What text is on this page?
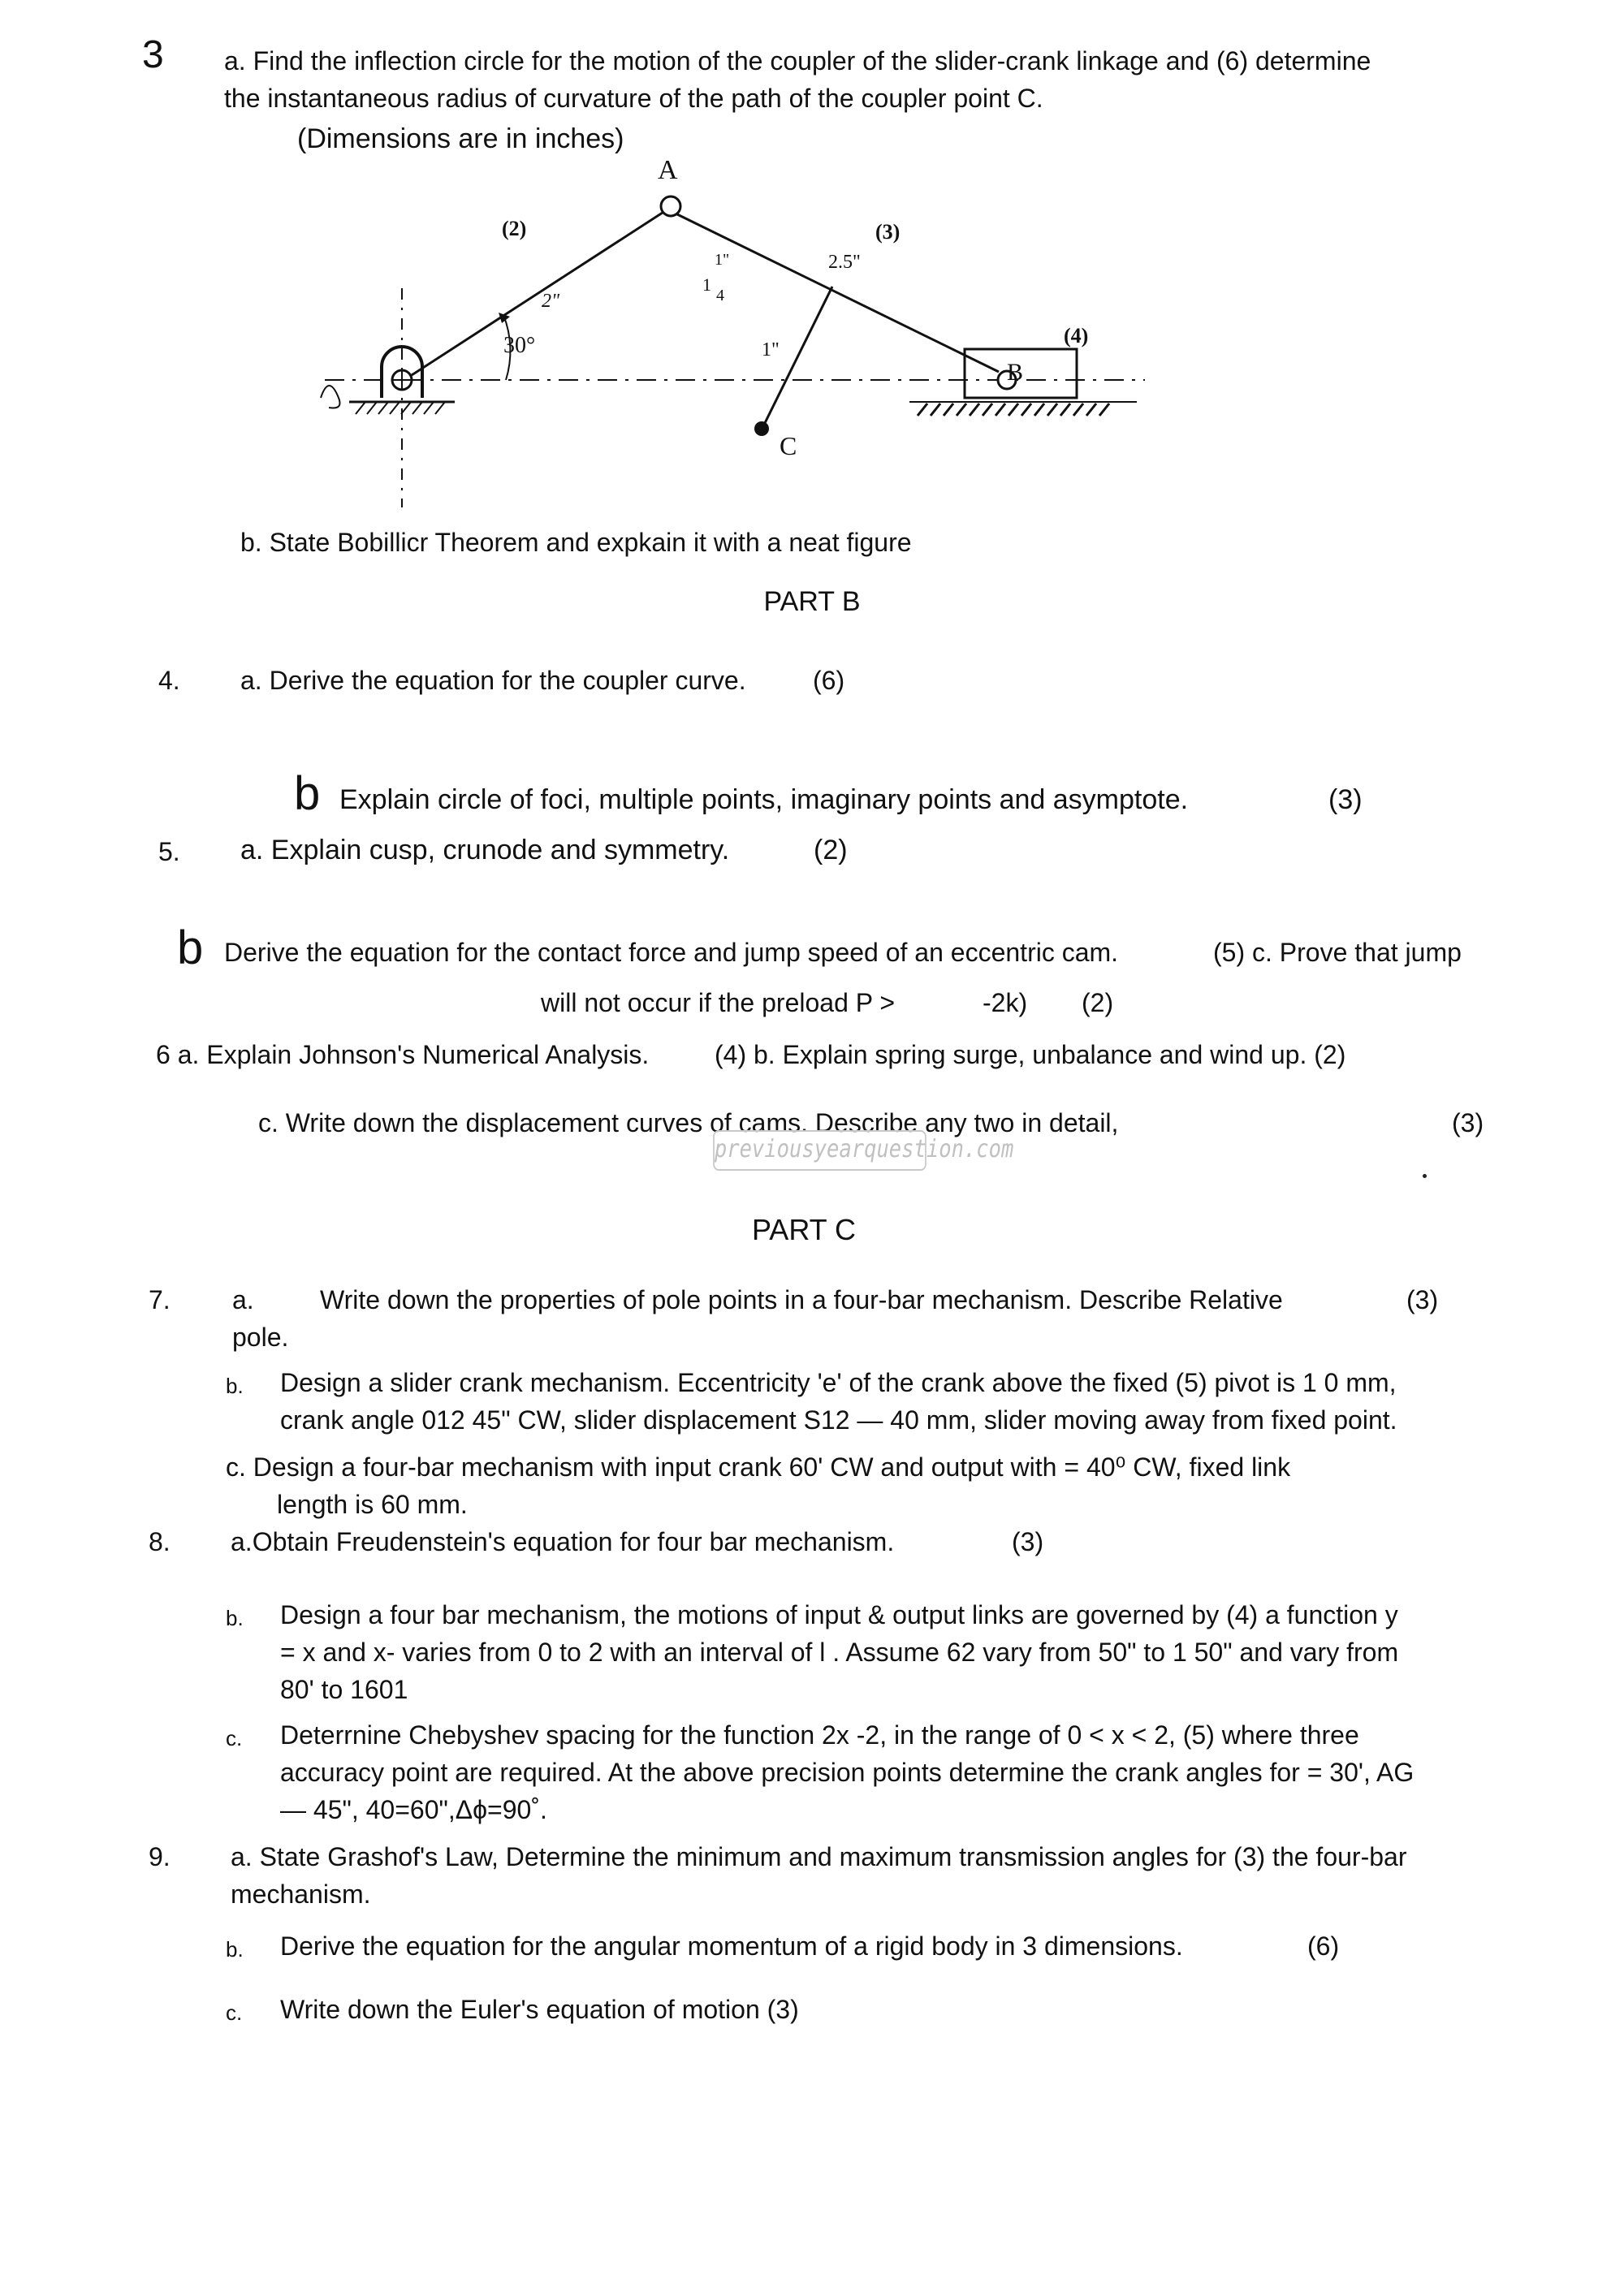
3 a. Find the inflection circle for the motion of the coupler of the slider-crank linkage and (6) determine
the instantaneous radius of curvature of the path of the coupler point C.
(Dimensions are in inches)
A
B
C
(2)	(3)
(4)
2"
2.5"
1"
1
1"
4
30°
b. State Bobillicr Theorem and expkain it with a neat figure
PART B
4. a. Derive the equation for the coupler curve.	(6)
b Explain circle of foci, multiple points, imaginary points and asymptote.	(3)
5. a. Explain cusp, crunode and symmetry.	(2)
b Derive the equation for the contact force and jump speed of an eccentric cam.	(5) c. Prove that jump
will not occur if the preload P >	-2k) (2)
6 a. Explain Johnson's Numerical Analysis.	(4) b. Explain spring surge, unbalance and wind up. (2)
c. Write down the displacement curves of cams. Describe any two in detail,	(3)
previousyearquestion.com
PART C
7. a.	Write down the properties of pole points in a four-bar mechanism. Describe Relative	(3)
pole.
b. Design a slider crank mechanism. Eccentricity 'e' of the crank above the fixed (5) pivot is 1 0 mm,
crank angle 012 45" CW, slider displacement S12 — 40 mm, slider moving away from fixed point.
c. Design a four-bar mechanism with input crank 60' CW and output with = 40⁰ CW, fixed link
length is 60 mm.
8. a.Obtain Freudenstein's equation for four bar mechanism.	(3)
b. Design a four bar mechanism, the motions of input & output links are governed by (4) a function y
= x and x- varies from 0 to 2 with an interval of l . Assume 62 vary from 50" to 1 50" and vary from
80' to 1601
c. Deterrnine Chebyshev spacing for the function 2x -2, in the range of 0 < x < 2, (5) where three
accuracy point are required. At the above precision points determine the crank angles for = 30', AG
— 45", 40=60",Δϕ=90˚.
9. a. State Grashof's Law, Determine the minimum and maximum transmission angles for (3) the four-bar
mechanism.
b. Derive the equation for the angular momentum of a rigid body in 3 dimensions.	(6)
c. Write down the Euler's equation of motion (3)
